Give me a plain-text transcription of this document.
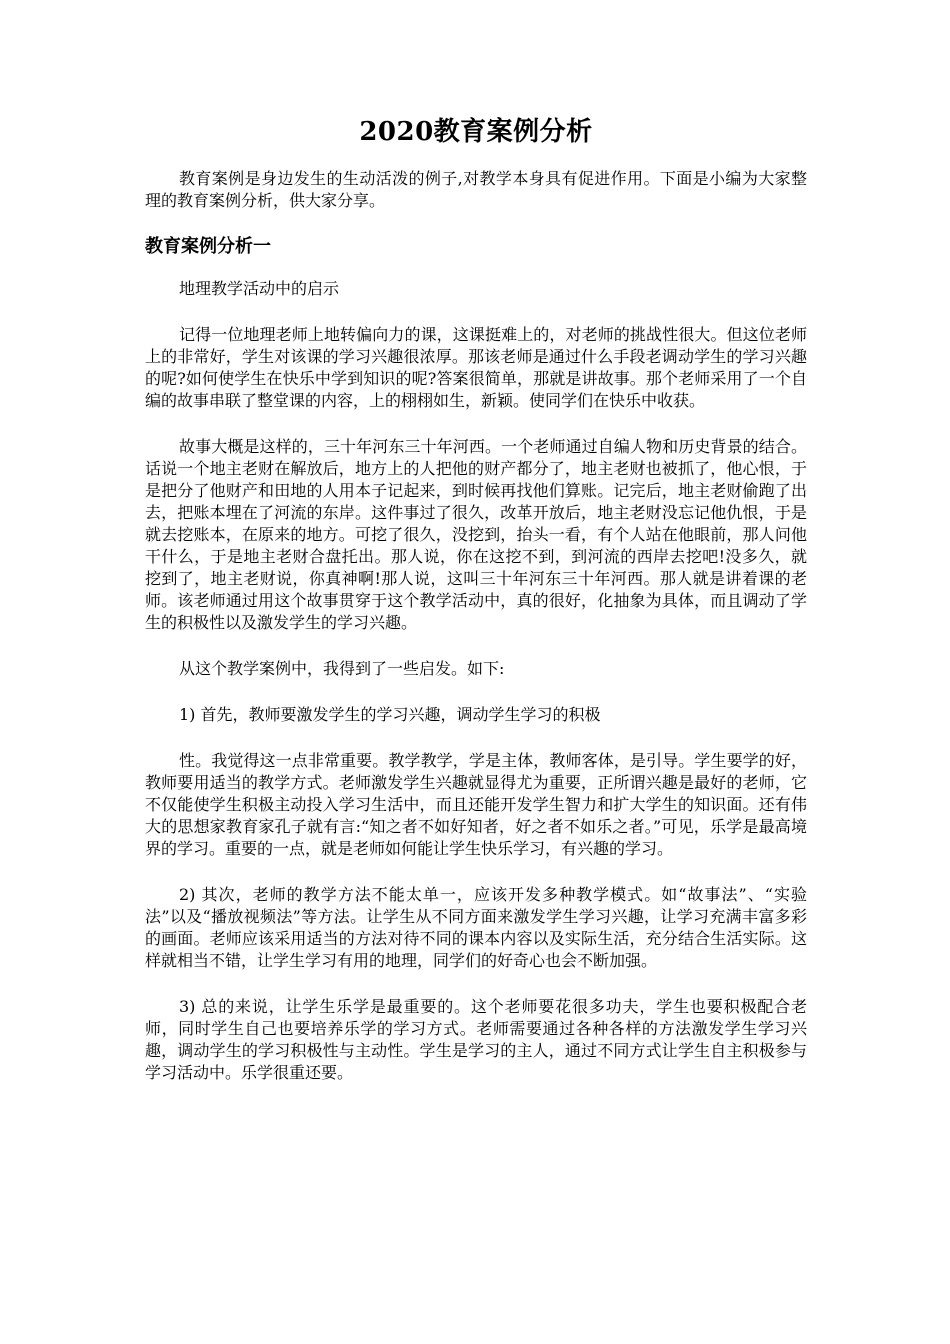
2020教育案例分析

教育案例是身边发生的生动活泼的例子,对教学本身具有促进作用。下面是小编为大家整理的教育案例分析，供大家分享。

教育案例分析一

地理教学活动中的启示

记得一位地理老师上地转偏向力的课，这课挺难上的，对老师的挑战性很大。但这位老师上的非常好，学生对该课的学习兴趣很浓厚。那该老师是通过什么手段老调动学生的学习兴趣的呢?如何使学生在快乐中学到知识的呢?答案很简单，那就是讲故事。那个老师采用了一个自编的故事串联了整堂课的内容，上的栩栩如生，新颖。使同学们在快乐中收获。

故事大概是这样的，三十年河东三十年河西。一个老师通过自编人物和历史背景的结合。话说一个地主老财在解放后，地方上的人把他的财产都分了，地主老财也被抓了，他心恨，于是把分了他财产和田地的人用本子记起来，到时候再找他们算账。记完后，地主老财偷跑了出去，把账本埋在了河流的东岸。这件事过了很久，改革开放后，地主老财没忘记他仇恨，于是就去挖账本，在原来的地方。可挖了很久，没挖到，抬头一看，有个人站在他眼前，那人问他干什么，于是地主老财合盘托出。那人说，你在这挖不到，到河流的西岸去挖吧!没多久，就挖到了，地主老财说，你真神啊!那人说，这叫三十年河东三十年河西。那人就是讲着课的老师。该老师通过用这个故事贯穿于这个教学活动中，真的很好，化抽象为具体，而且调动了学生的积极性以及激发学生的学习兴趣。

从这个教学案例中，我得到了一些启发。如下:

1) 首先，教师要激发学生的学习兴趣，调动学生学习的积极

性。我觉得这一点非常重要。教学教学，学是主体，教师客体，是引导。学生要学的好，教师要用适当的教学方式。老师激发学生兴趣就显得尤为重要，正所谓兴趣是最好的老师，它不仅能使学生积极主动投入学习生活中，而且还能开发学生智力和扩大学生的知识面。还有伟大的思想家教育家孔子就有言:“知之者不如好知者，好之者不如乐之者。”可见，乐学是最高境界的学习。重要的一点，就是老师如何能让学生快乐学习，有兴趣的学习。

2) 其次，老师的教学方法不能太单一，应该开发多种教学模式。如“故事法”、“实验法”以及“播放视频法”等方法。让学生从不同方面来激发学生学习兴趣，让学习充满丰富多彩的画面。老师应该采用适当的方法对待不同的课本内容以及实际生活，充分结合生活实际。这样就相当不错，让学生学习有用的地理，同学们的好奇心也会不断加强。

3) 总的来说，让学生乐学是最重要的。这个老师要花很多功夫，学生也要积极配合老师，同时学生自己也要培养乐学的学习方式。老师需要通过各种各样的方法激发学生学习兴趣，调动学生的学习积极性与主动性。学生是学习的主人，通过不同方式让学生自主积极参与学习活动中。乐学很重还要。
